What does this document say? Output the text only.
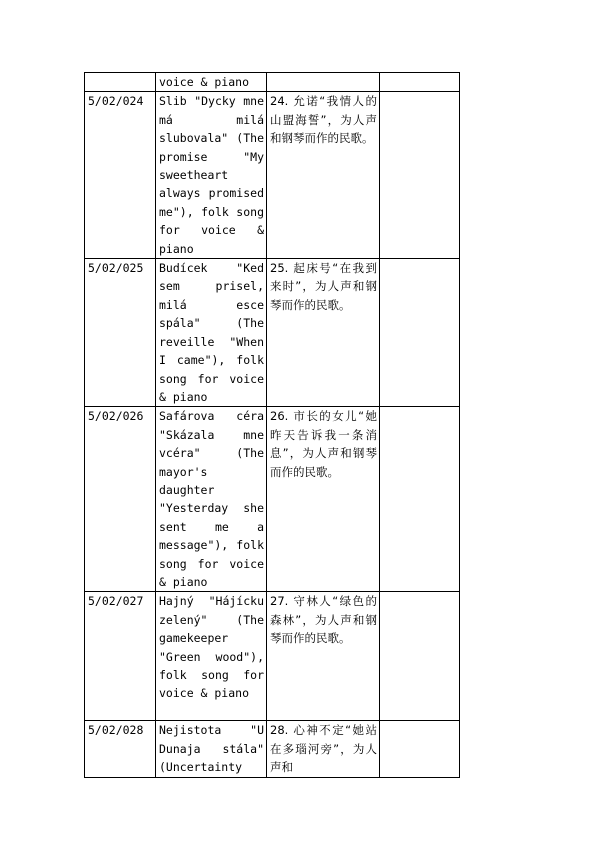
	voice & piano		
5/02/024	Slib "Dycky mne má milá slubovala" (The promise "My sweetheart always promised me"), folk song for voice & piano	24. 允诺“我情人的山盟海誓”，为人声和钢琴而作的民歌。	
5/02/025	Budícek "Ked sem prisel, milá esce spála" (The reveille "When I came"), folk song for voice & piano	25. 起床号“在我到来时”，为人声和钢琴而作的民歌。	
5/02/026	Safárova céra "Skázala mne vcéra" (The mayor's daughter "Yesterday she sent me a message"), folk song for voice & piano	26. 市长的女儿“她昨天告诉我一条消息”，为人声和钢琴而作的民歌。	
5/02/027	Hajný "Hájícku zelený" (The gamekeeper "Green wood"), folk song for voice & piano	27. 守林人“绿色的森林”，为人声和钢琴而作的民歌。	
5/02/028	Nejistota "U Dunaja stála" (Uncertainty	28. 心神不定“她站在多瑙河旁”，为人声和	
